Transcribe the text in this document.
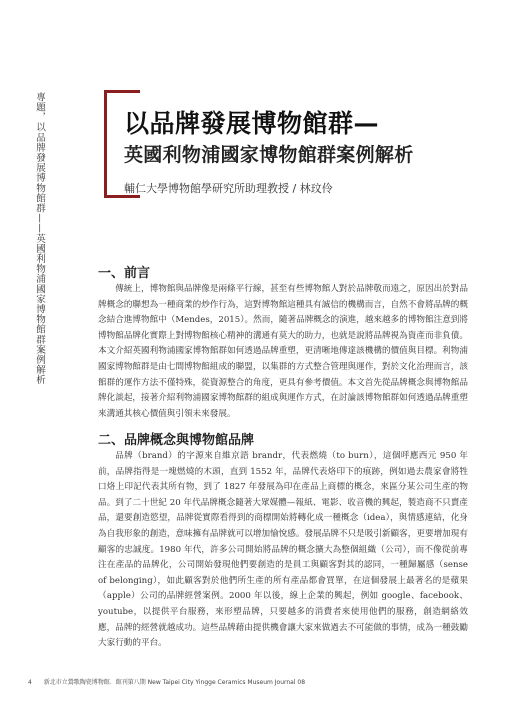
專題，以品牌發展博物館群——英國利物浦國家博物館群案例解析	以品牌發展博物館群—
英國利物浦國家博物館群案例解析
輔仁大學博物館學研究所助理教授 / 林玟伶
一、前言

傳統上，博物館與品牌像是兩條平行線，甚至有些博物館人對於品牌敬而遠之，原因出於對品牌概念的聯想為一種商業的炒作行為，這對博物館這種具有誠信的機構而言，自然不會將品牌的概念結合進博物館中（Mendes，2015）。然而，隨著品牌概念的演進，越來越多的博物館注意到將博物館品牌化實際上對博物館核心精神的溝通有莫大的助力，也就是說將品牌視為資產而非負債。本文介紹英國利物浦國家博物館群如何透過品牌重塑，更清晰地傳達該機構的價值與目標。利物浦國家博物館群是由七間博物館組成的聯盟，以集群的方式整合管理與運作，對於文化治理而言，該館群的運作方法不僅特殊，從資源整合的角度，更具有參考價值。本文首先從品牌概念與博物館品牌化談起，接著介紹利物浦國家博物館群的組成與運作方式，在討論該博物館群如何透過品牌重塑來溝通其核心價值與引領未來發展。

二、品牌概念與博物館品牌

品牌（brand）的字源來自維京語 brandr，代表燃燒（to burn），這個呼應西元 950 年前，品牌指得是一塊燃燒的木頭，直到 1552 年，品牌代表烙印下的痕跡，例如過去農家會將牲口烙上印記代表其所有物，到了 1827 年發展為印在產品上商標的概念，來區分某公司生產的物品。到了二十世紀 20 年代品牌概念隨著大眾媒體—報紙、電影、收音機的興起，製造商不只賣產品，還要創造慾望，品牌從實際看得到的商標開始將轉化成一種概念（idea），與情感連結，化身為自我形象的創造，意味擁有品牌就可以增加愉悅感。發展品牌不只是吸引新顧客，更要增加現有顧客的忠誠度。1980 年代，許多公司開始將品牌的概念擴大為整個組織（公司），而不像從前專注在產品的品牌化，公司開始發現他們要創造的是員工與顧客對其的認同，一種歸屬感（sense of belonging），如此顧客對於他們所生產的所有產品都會買單，在這個發展上最著名的是蘋果（apple）公司的品牌經營案例。2000 年以後，線上企業的興起，例如 google、facebook、youtube，以提供平台服務，來形塑品牌，只要越多的消費者來使用他們的服務，創造網絡效應，品牌的經營就越成功。這些品牌藉由提供機會讓大家來做過去不可能做的事情，成為一種鼓勵大家行動的平台。

4 新北市立鶯歌陶瓷博物館．館刊第八期 New Taipei City Yingge Ceramics Museum Journal 08
